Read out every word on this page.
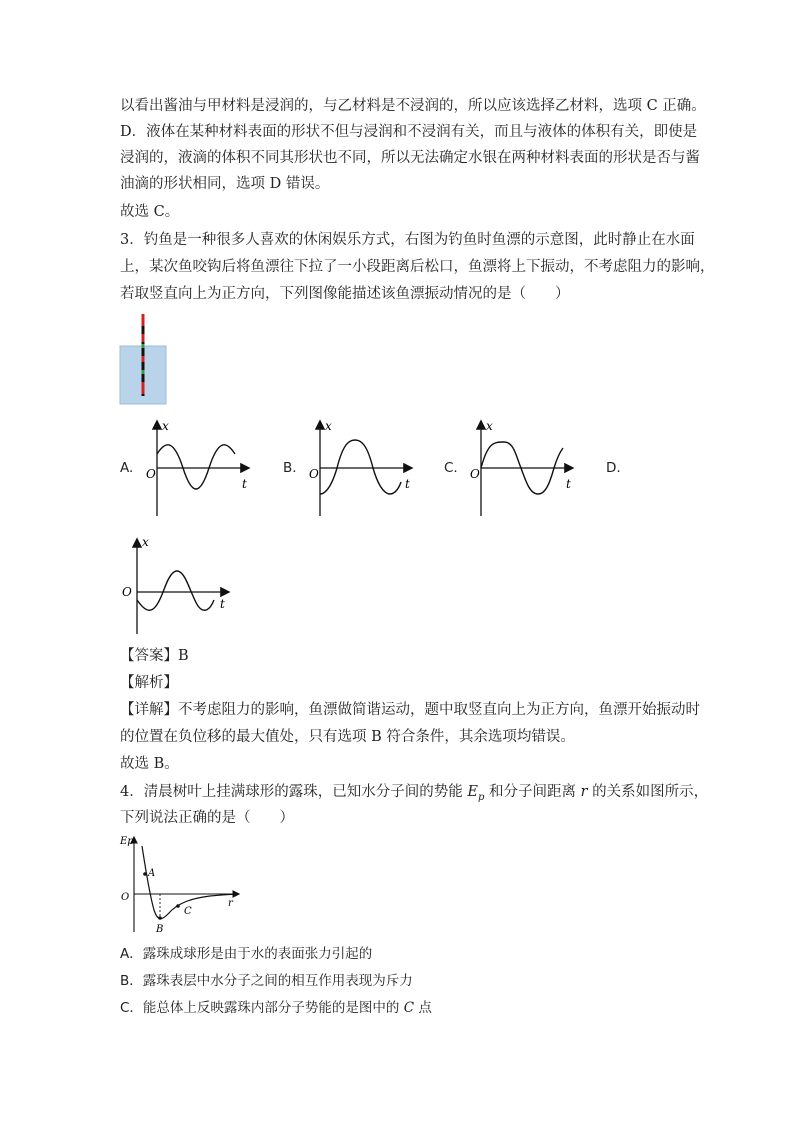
以看出酱油与甲材料是浸润的，与乙材料是不浸润的，所以应该选择乙材料，选项 C 正确。
D．液体在某种材料表面的形状不但与浸润和不浸润有关，而且与液体的体积有关，即使是
浸润的，液滴的体积不同其形状也不同，所以无法确定水银在两种材料表面的形状是否与酱
油滴的形状相同，选项 D 错误。
故选 C。
3．钓鱼是一种很多人喜欢的休闲娱乐方式，右图为钓鱼时鱼漂的示意图，此时静止在水面
上，某次鱼咬钩后将鱼漂往下拉了一小段距离后松口，鱼漂将上下振动，不考虑阻力的影响，
若取竖直向上为正方向，下列图像能描述该鱼漂振动情况的是（　　）
A.
x
O
t
B.
x
O
t
C.
x
O
t
D.
x
O
t
【答案】B
【解析】
【详解】不考虑阻力的影响，鱼漂做简谐运动，题中取竖直向上为正方向，鱼漂开始振动时
的位置在负位移的最大值处，只有选项 B 符合条件，其余选项均错误。
故选 B。
4．清晨树叶上挂满球形的露珠，已知水分子间的势能 $E_p$ 和分子间距离 r 的关系如图所示，
下列说法正确的是（　　）
Ep
O
r
A
B
C
A．露珠成球形是由于水的表面张力引起的
B．露珠表层中水分子之间的相互作用表现为斥力
C．能总体上反映露珠内部分子势能的是图中的 C 点
